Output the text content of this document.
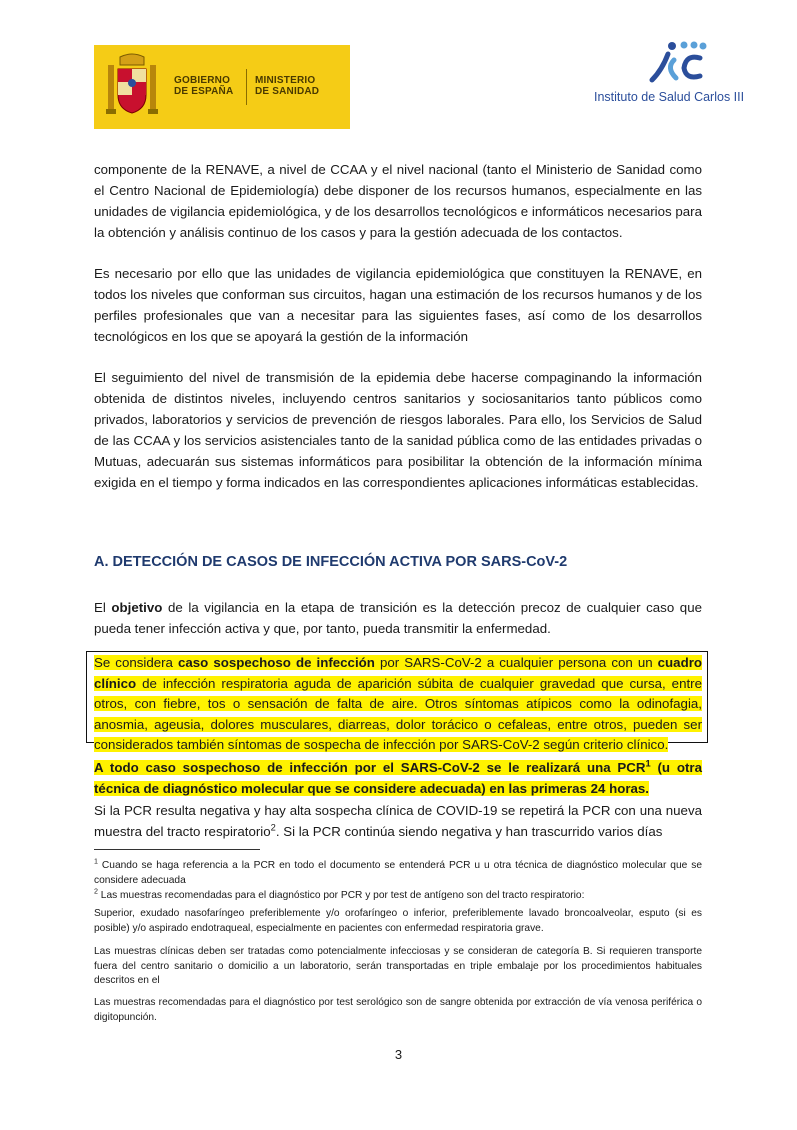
GOBIERNO
DE ESPAÑA
MINISTERIO
DE SANIDAD	Instituto de Salud Carlos III

componente de la RENAVE, a nivel de CCAA y el nivel nacional (tanto el Ministerio de Sanidad como el Centro Nacional de Epidemiología) debe disponer de los recursos humanos, especialmente en las unidades de vigilancia epidemiológica, y de los desarrollos tecnológicos e informáticos necesarios para la obtención y análisis continuo de los casos y para la gestión adecuada de los contactos.

Es necesario por ello que las unidades de vigilancia epidemiológica que constituyen la RENAVE, en todos los niveles que conforman sus circuitos, hagan una estimación de los recursos humanos y de los perfiles profesionales que van a necesitar para las siguientes fases, así como de los desarrollos tecnológicos en los que se apoyará la gestión de la información

El seguimiento del nivel de transmisión de la epidemia debe hacerse compaginando la información obtenida de distintos niveles, incluyendo centros sanitarios y sociosanitarios tanto públicos como privados, laboratorios y servicios de prevención de riesgos laborales. Para ello, los Servicios de Salud de las CCAA y los servicios asistenciales tanto de la sanidad pública como de las entidades privadas o Mutuas, adecuarán sus sistemas informáticos para posibilitar la obtención de la información mínima exigida en el tiempo y forma indicados en las correspondientes aplicaciones informáticas establecidas.

A. DETECCIÓN DE CASOS DE INFECCIÓN ACTIVA POR SARS-CoV-2

El objetivo de la vigilancia en la etapa de transición es la detección precoz de cualquier caso que pueda tener infección activa y que, por tanto, pueda transmitir la enfermedad.

Se considera caso sospechoso de infección por SARS-CoV-2 a cualquier persona con un cuadro clínico de infección respiratoria aguda de aparición súbita de cualquier gravedad que cursa, entre otros, con fiebre, tos o sensación de falta de aire. Otros síntomas atípicos como la odinofagia, anosmia, ageusia, dolores musculares, diarreas, dolor torácico o cefaleas, entre otros, pueden ser considerados también síntomas de sospecha de infección por SARS-CoV-2 según criterio clínico.
A todo caso sospechoso de infección por el SARS-CoV-2 se le realizará una PCR$^1$ (u otra técnica de diagnóstico molecular que se considere adecuada) en las primeras 24 horas.

Si la PCR resulta negativa y hay alta sospecha clínica de COVID-19 se repetirá la PCR con una nueva muestra del tracto respiratorio$^2$. Si la PCR continúa siendo negativa y han trascurrido varios días

$^1$ Cuando se haga referencia a la PCR en todo el documento se entenderá PCR u u otra técnica de diagnóstico molecular que se considere adecuada
$^2$ Las muestras recomendadas para el diagnóstico por PCR y por test de antígeno son del tracto respiratorio:
Superior, exudado nasofaríngeo preferiblemente y/o orofaríngeo o inferior, preferiblemente lavado broncoalveolar, esputo (si es posible) y/o aspirado endotraqueal, especialmente en pacientes con enfermedad respiratoria grave.
Las muestras clínicas deben ser tratadas como potencialmente infecciosas y se consideran de categoría B. Si requieren transporte fuera del centro sanitario o domicilio a un laboratorio, serán transportadas en triple embalaje por los procedimientos habituales descritos en el
Las muestras recomendadas para el diagnóstico por test serológico son de sangre obtenida por extracción de vía venosa periférica o digitopunción.
3
